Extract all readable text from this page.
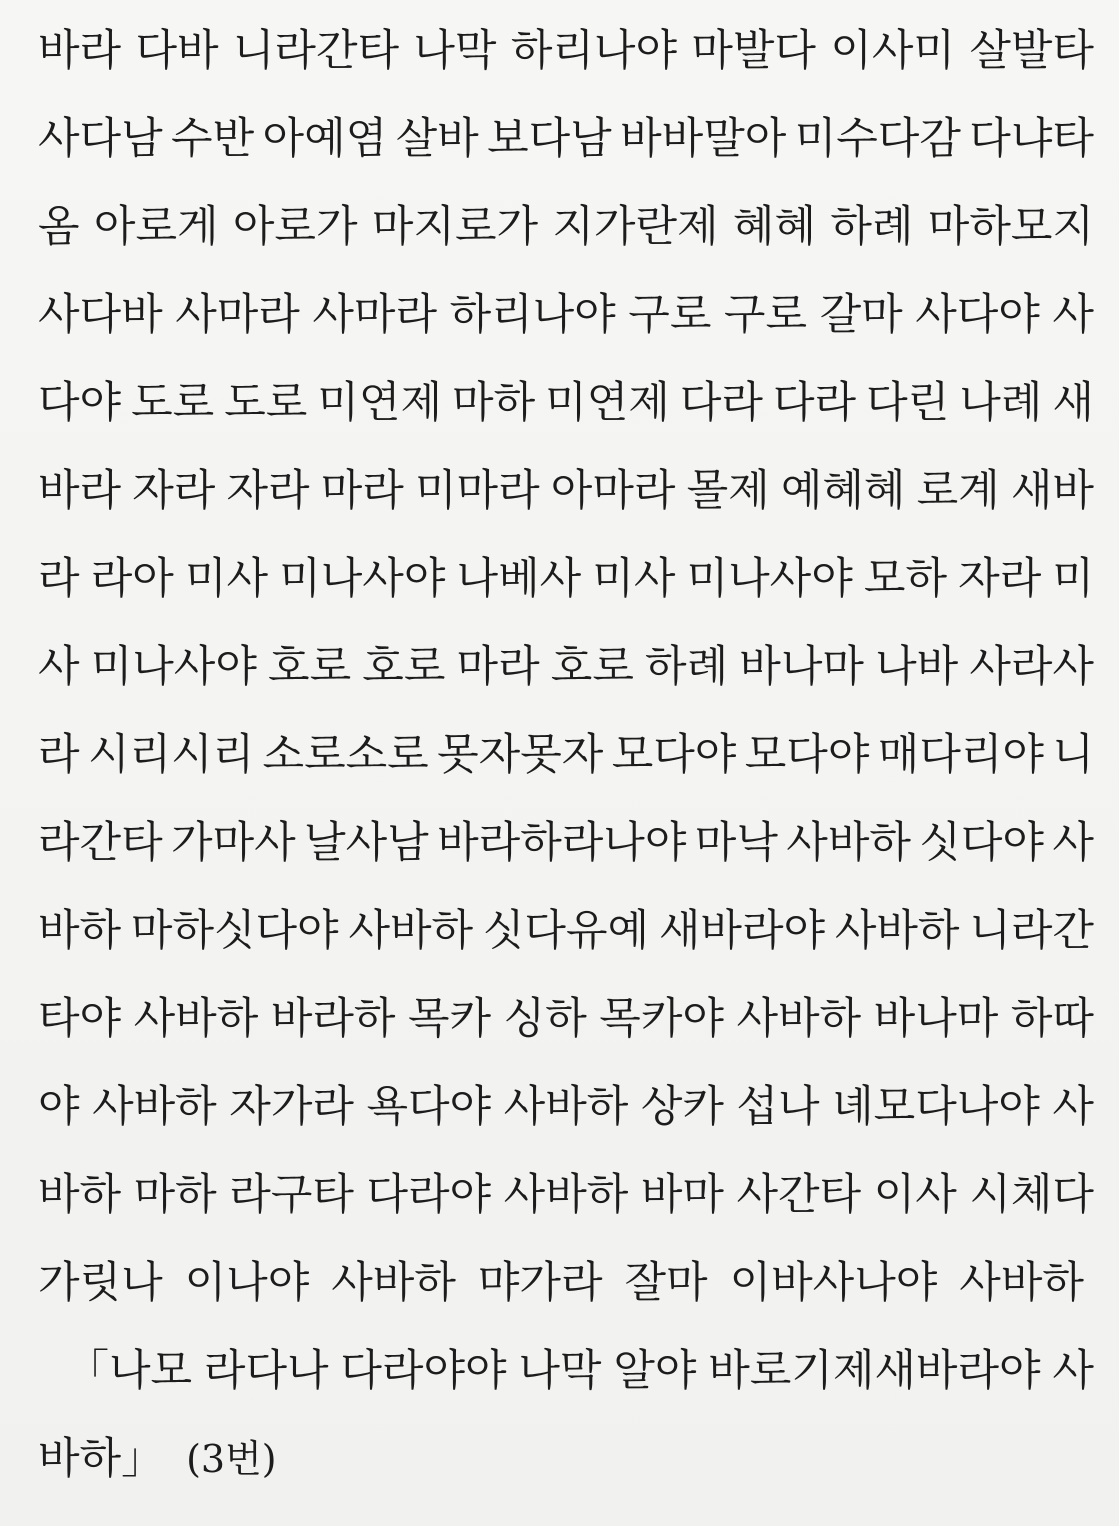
바라 다바 니라간타 나막 하리나야 마발다 이사미 살발타
사다남 수반 아예염 살바 보다남 바바말아 미수다감 다냐타
옴 아로게 아로가 마지로가 지가란제 혜혜 하례 마하모지
사다바 사마라 사마라 하리나야 구로 구로 갈마 사다야 사
다야 도로 도로 미연제 마하 미연제 다라 다라 다린 나례 새
바라 자라 자라 마라 미마라 아마라 몰제 예혜혜 로계 새바
라 라아 미사 미나사야 나베사 미사 미나사야 모하 자라 미
사 미나사야 호로 호로 마라 호로 하례 바나마 나바 사라사
라 시리시리 소로소로 못자못자 모다야 모다야 매다리야 니
라간타 가마사 날사남 바라하라나야 마낙 사바하 싯다야 사
바하 마하싯다야 사바하 싯다유예 새바라야 사바하 니라간
타야 사바하 바라하 목카 싱하 목카야 사바하 바나마 하따
야 사바하 자가라 욕다야 사바하 상카 섭나 녜모다나야 사
바하 마하 라구타 다라야 사바하 바마 사간타 이사 시체다
가릿나 이나야 사바하 먀가라 잘마 이바사나야 사바하
「나모 라다나 다라야야 나막 알야 바로기제새바라야 사
바하」 (3번)
